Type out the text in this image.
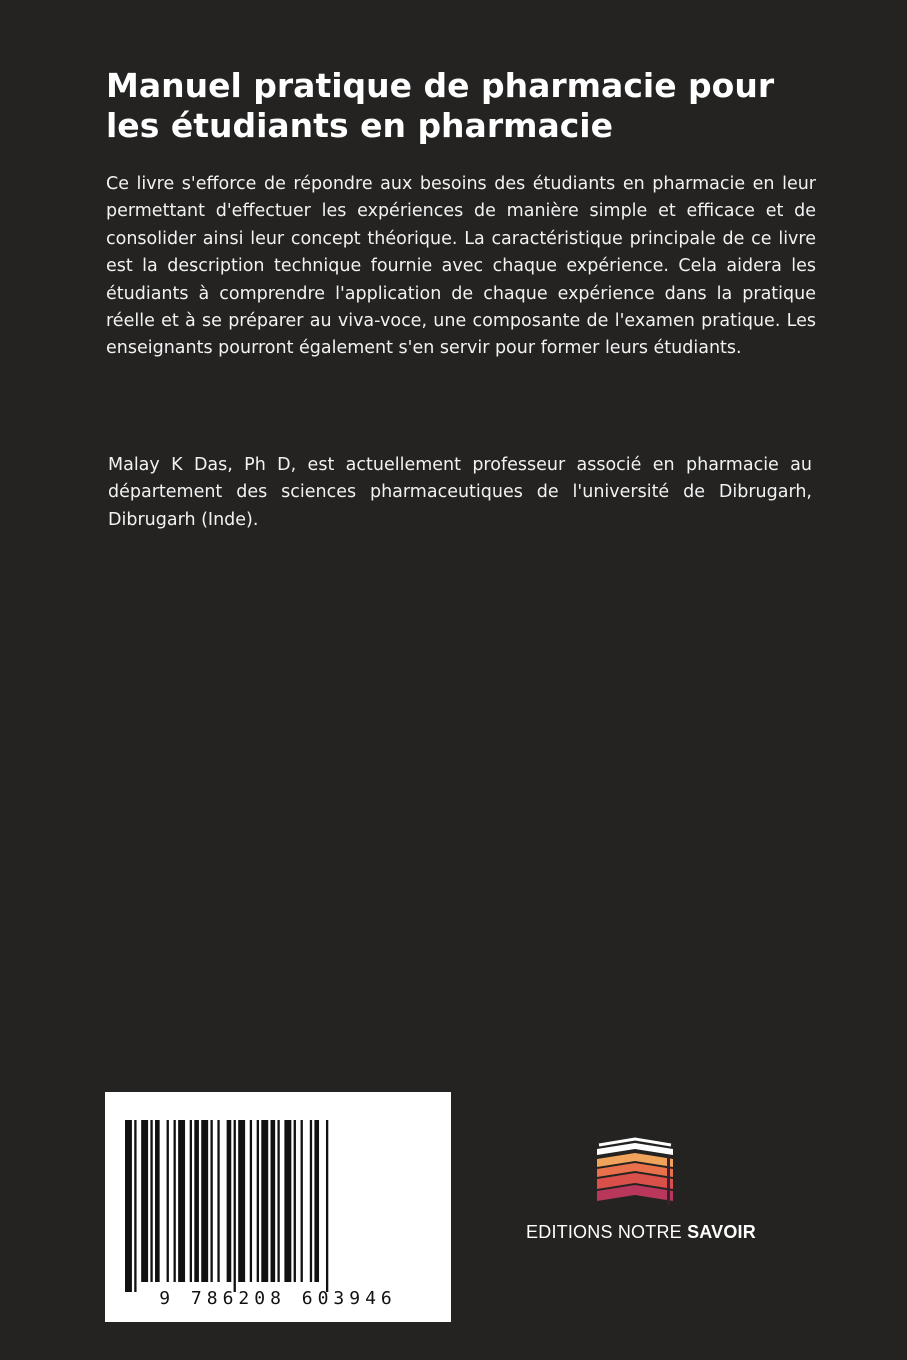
Manuel pratique de pharmacie pour les étudiants en pharmacie

Ce livre s'efforce de répondre aux besoins des étudiants en pharmacie en leur permettant d'effectuer les expériences de manière simple et efficace et de consolider ainsi leur concept théorique. La caractéristique principale de ce livre est la description technique fournie avec chaque expérience. Cela aidera les étudiants à comprendre l'application de chaque expérience dans la pratique réelle et à se préparer au viva-voce, une composante de l'examen pratique. Les enseignants pourront également s'en servir pour former leurs étudiants.

Malay K Das, Ph D, est actuellement professeur associé en pharmacie au département des sciences pharmaceutiques de l'université de Dibrugarh, Dibrugarh (Inde).

9 786208 603946
EDITIONS NOTRE SAVOIR
